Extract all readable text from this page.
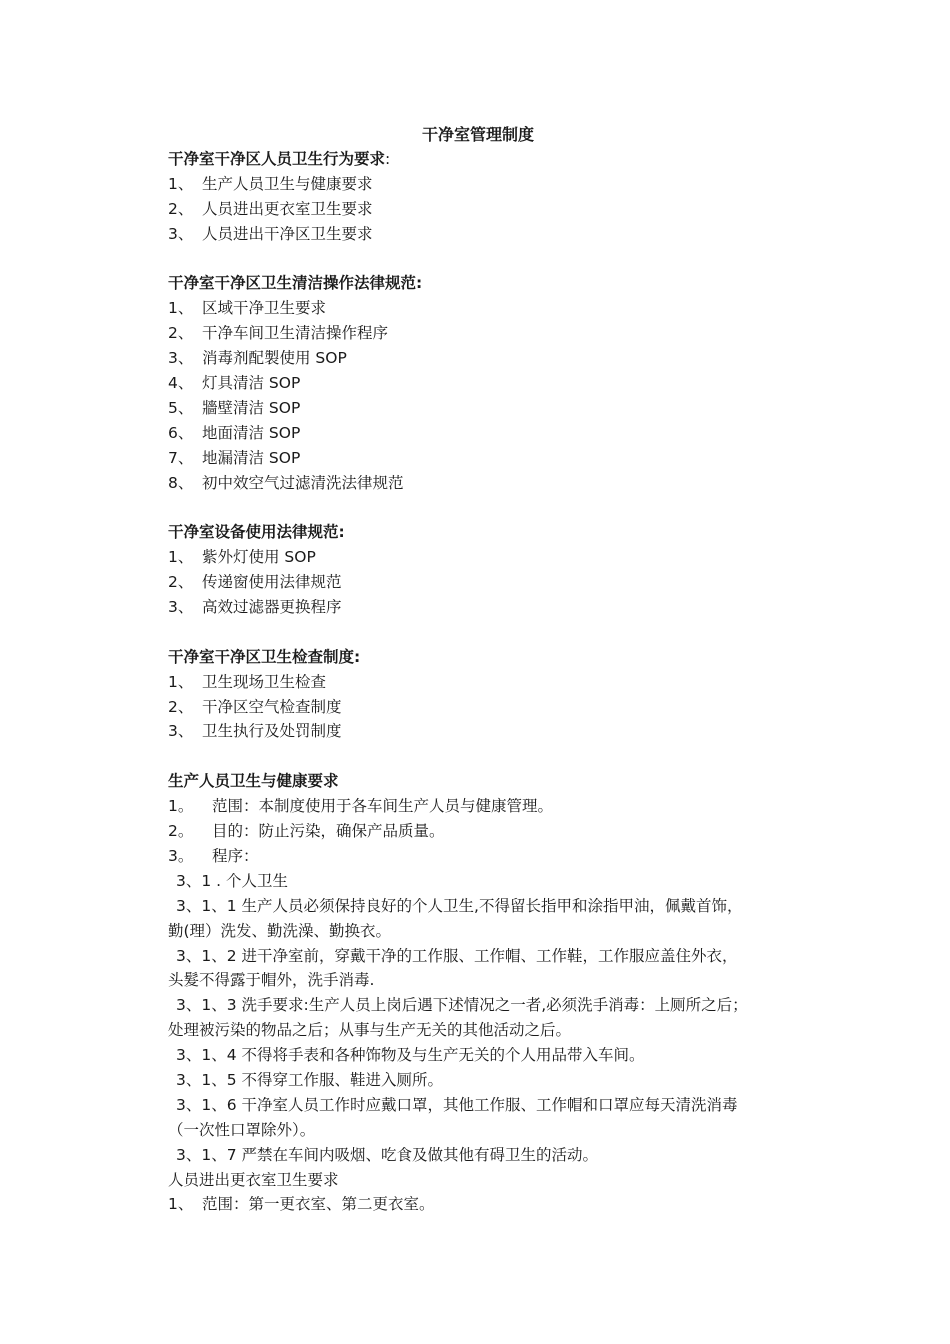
干净室管理制度
干净室干净区人员卫生行为要求:
1、 生产人员卫生与健康要求
2、 人员进出更衣室卫生要求
3、 人员进出干净区卫生要求
干净室干净区卫生清洁操作法律规范:
1、 区域干净卫生要求
2、 干净车间卫生清洁操作程序
3、 消毒剂配製使用 SOP
4、 灯具清洁 SOP
5、 牆壁清洁 SOP
6、 地面清洁 SOP
7、 地漏清洁 SOP
8、 初中效空气过滤清洗法律规范
干净室设备使用法律规范:
1、 紫外灯使用 SOP
2、 传递窗使用法律规范
3、 高效过滤器更换程序
干净室干净区卫生检查制度:
1、 卫生现场卫生检查
2、 干净区空气检查制度
3、 卫生执行及处罚制度
生产人员卫生与健康要求
1。 范围：本制度使用于各车间生产人员与健康管理。
2。 目的：防止污染，确保产品质量。
3。 程序：
3、1 . 个人卫生
3、1、1 生产人员必须保持良好的个人卫生,不得留长指甲和涂指甲油，佩戴首饰，
勤(理）洗发、勤洗澡、勤换衣。
3、1、2 进干净室前，穿戴干净的工作服、工作帽、工作鞋，工作服应盖住外衣，
头髮不得露于帽外，洗手消毒.
3、1、3 洗手要求:生产人员上岗后遇下述情况之一者,必须洗手消毒：上厕所之后；
处理被污染的物品之后；从事与生产无关的其他活动之后。
3、1、4 不得将手表和各种饰物及与生产无关的个人用品带入车间。
3、1、5 不得穿工作服、鞋进入厕所。
3、1、6 干净室人员工作时应戴口罩，其他工作服、工作帽和口罩应每天清洗消毒
（一次性口罩除外）。
3、1、7 严禁在车间内吸烟、吃食及做其他有碍卫生的活动。
人员进出更衣室卫生要求
1、 范围：第一更衣室、第二更衣室。
